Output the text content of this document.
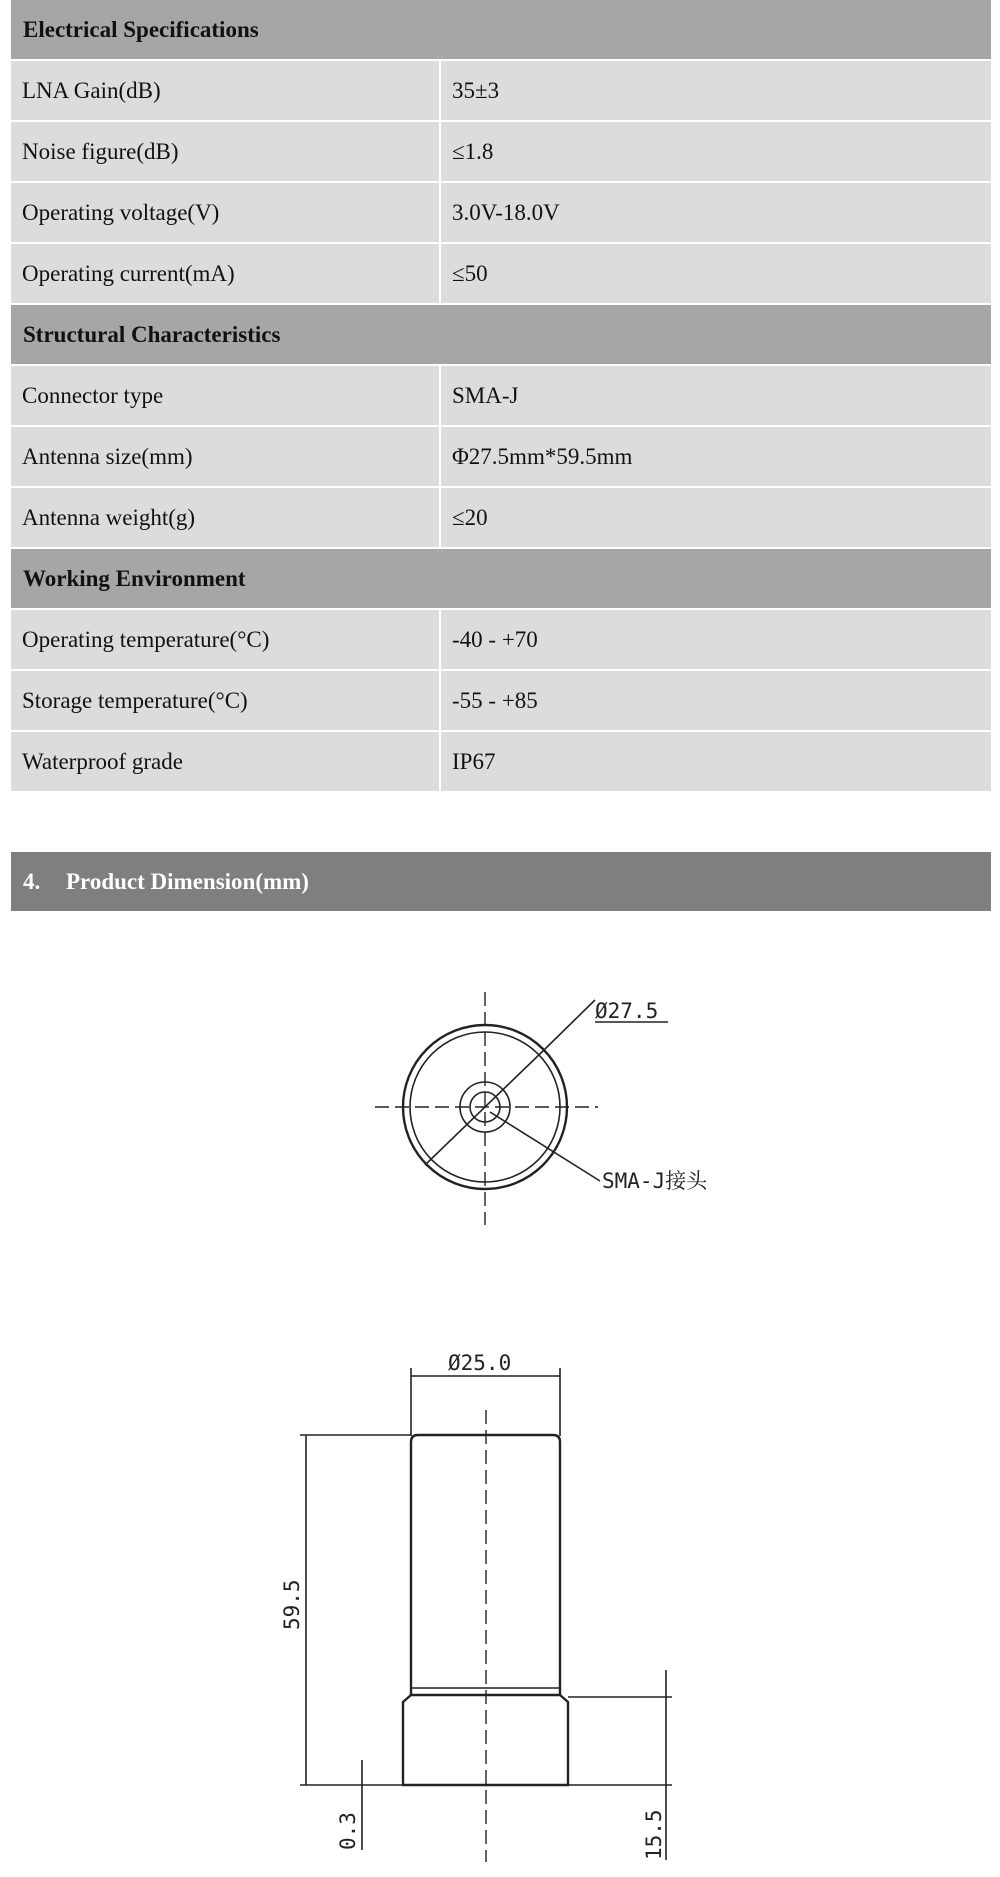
Electrical Specifications
LNA Gain(dB)	35±3
Noise figure(dB)	≤1.8
Operating voltage(V)	3.0V-18.0V
Operating current(mA)	≤50
Structural Characteristics
Connector type	SMA-J
Antenna size(mm)	Φ27.5mm*59.5mm
Antenna weight(g)	≤20
Working Environment
Operating temperature(°C)	-40 - +70
Storage temperature(°C)	-55 - +85
Waterproof grade	IP67
4. Product Dimension(mm)
Ø27.5
SMA-J接头
Ø25.0
59.5
0.3	15.5
